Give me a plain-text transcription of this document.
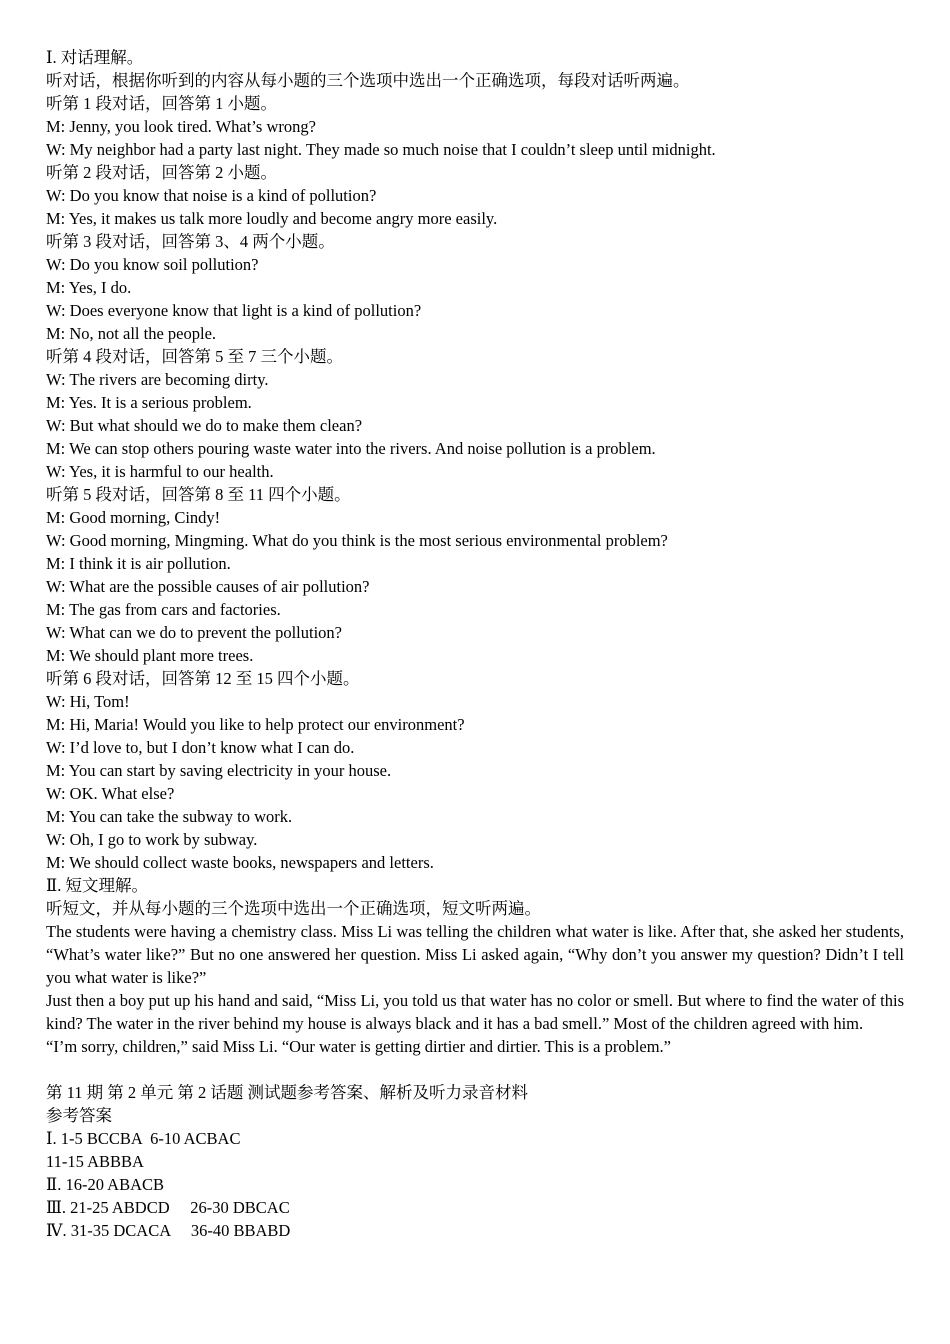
Ⅰ. 对话理解。
听对话，根据你听到的内容从每小题的三个选项中选出一个正确选项，每段对话听两遍。
听第 1 段对话，回答第 1 小题。
M: Jenny, you look tired. What’s wrong?
W: My neighbor had a party last night. They made so much noise that I couldn’t sleep until midnight.
听第 2 段对话，回答第 2 小题。
W: Do you know that noise is a kind of pollution?
M: Yes, it makes us talk more loudly and become angry more easily.
听第 3 段对话，回答第 3、4 两个小题。
W: Do you know soil pollution?
M: Yes, I do.
W: Does everyone know that light is a kind of pollution?
M: No, not all the people.
听第 4 段对话，回答第 5 至 7 三个小题。
W: The rivers are becoming dirty.
M: Yes. It is a serious problem.
W: But what should we do to make them clean?
M: We can stop others pouring waste water into the rivers. And noise pollution is a problem.
W: Yes, it is harmful to our health.
听第 5 段对话，回答第 8 至 11 四个小题。
M: Good morning, Cindy!
W: Good morning, Mingming. What do you think is the most serious environmental problem?
M: I think it is air pollution.
W: What are the possible causes of air pollution?
M: The gas from cars and factories.
W: What can we do to prevent the pollution?
M: We should plant more trees.
听第 6 段对话，回答第 12 至 15 四个小题。
W: Hi, Tom!
M: Hi, Maria! Would you like to help protect our environment?
W: I’d love to, but I don’t know what I can do.
M: You can start by saving electricity in your house.
W: OK. What else?
M: You can take the subway to work.
W: Oh, I go to work by subway.
M: We should collect waste books, newspapers and letters.
Ⅱ. 短文理解。
听短文，并从每小题的三个选项中选出一个正确选项，短文听两遍。
The students were having a chemistry class. Miss Li was telling the children what water is like. After that, she asked her students, “What’s water like?” But no one answered her question. Miss Li asked again, “Why don’t you answer my question? Didn’t I tell you what water is like?”
Just then a boy put up his hand and said, “Miss Li, you told us that water has no color or smell. But where to find the water of this kind? The water in the river behind my house is always black and it has a bad smell.” Most of the children agreed with him.
“I’m sorry, children,” said Miss Li. “Our water is getting dirtier and dirtier. This is a problem.”
第 11 期 第 2 单元 第 2 话题 测试题参考答案、解析及听力录音材料
参考答案
Ⅰ. 1-5 BCCBA  6-10 ACBAC
11-15 ABBBA
Ⅱ. 16-20 ABACB
Ⅲ. 21-25 ABDCD     26-30 DBCAC
Ⅳ. 31-35 DCACA     36-40 BBABD
